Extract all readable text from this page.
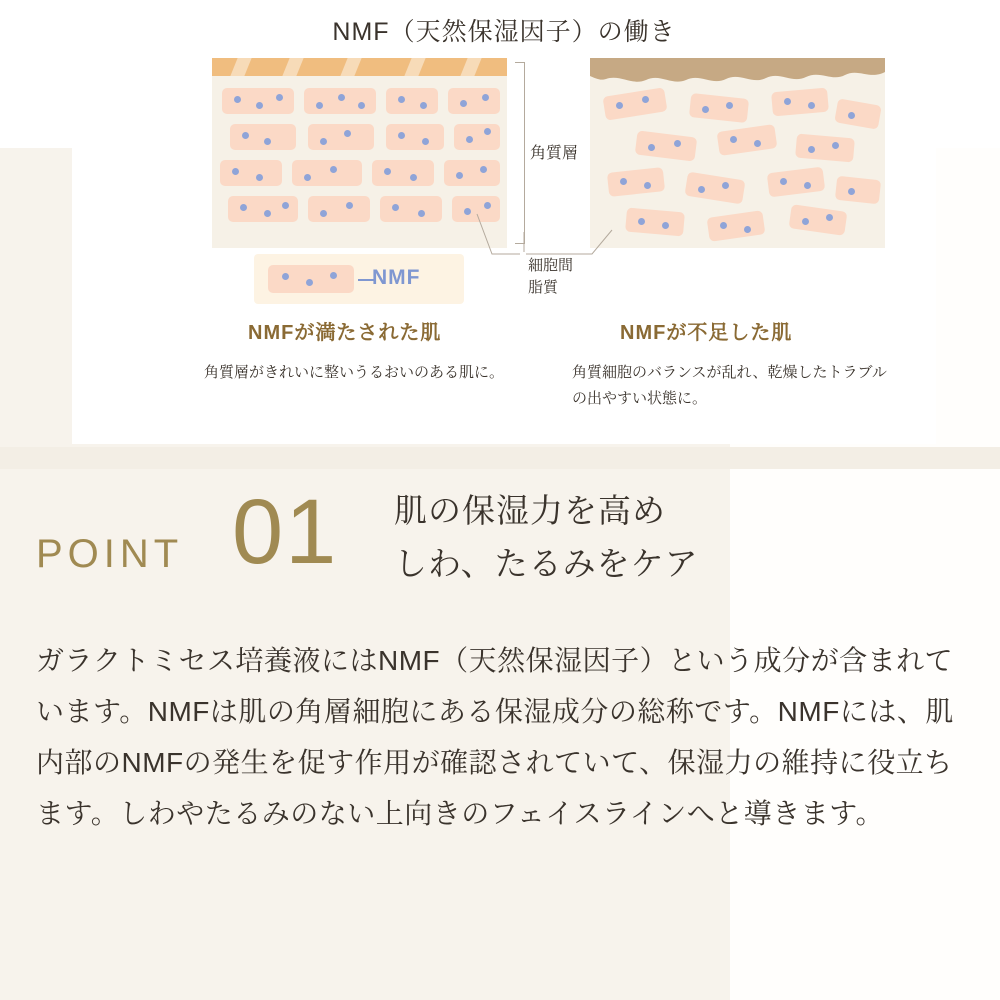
NMF（天然保湿因子）の働き
角質層
細胞間
脂質
NMF
NMFが満たされた肌	NMFが不足した肌
角質層がきれいに整いうるおいのある肌に。	角質細胞のバランスが乱れ、乾燥したトラブルの出やすい状態に。
POINT 01 肌の保湿力を高め
しわ、たるみをケア
ガラクトミセス培養液にはNMF（天然保湿因子）という成分が含まれています。NMFは肌の角層細胞にある保湿成分の総称です。NMFには、肌内部のNMFの発生を促す作用が確認されていて、保湿力の維持に役立ちます。しわやたるみのない上向きのフェイスラインへと導きます。
